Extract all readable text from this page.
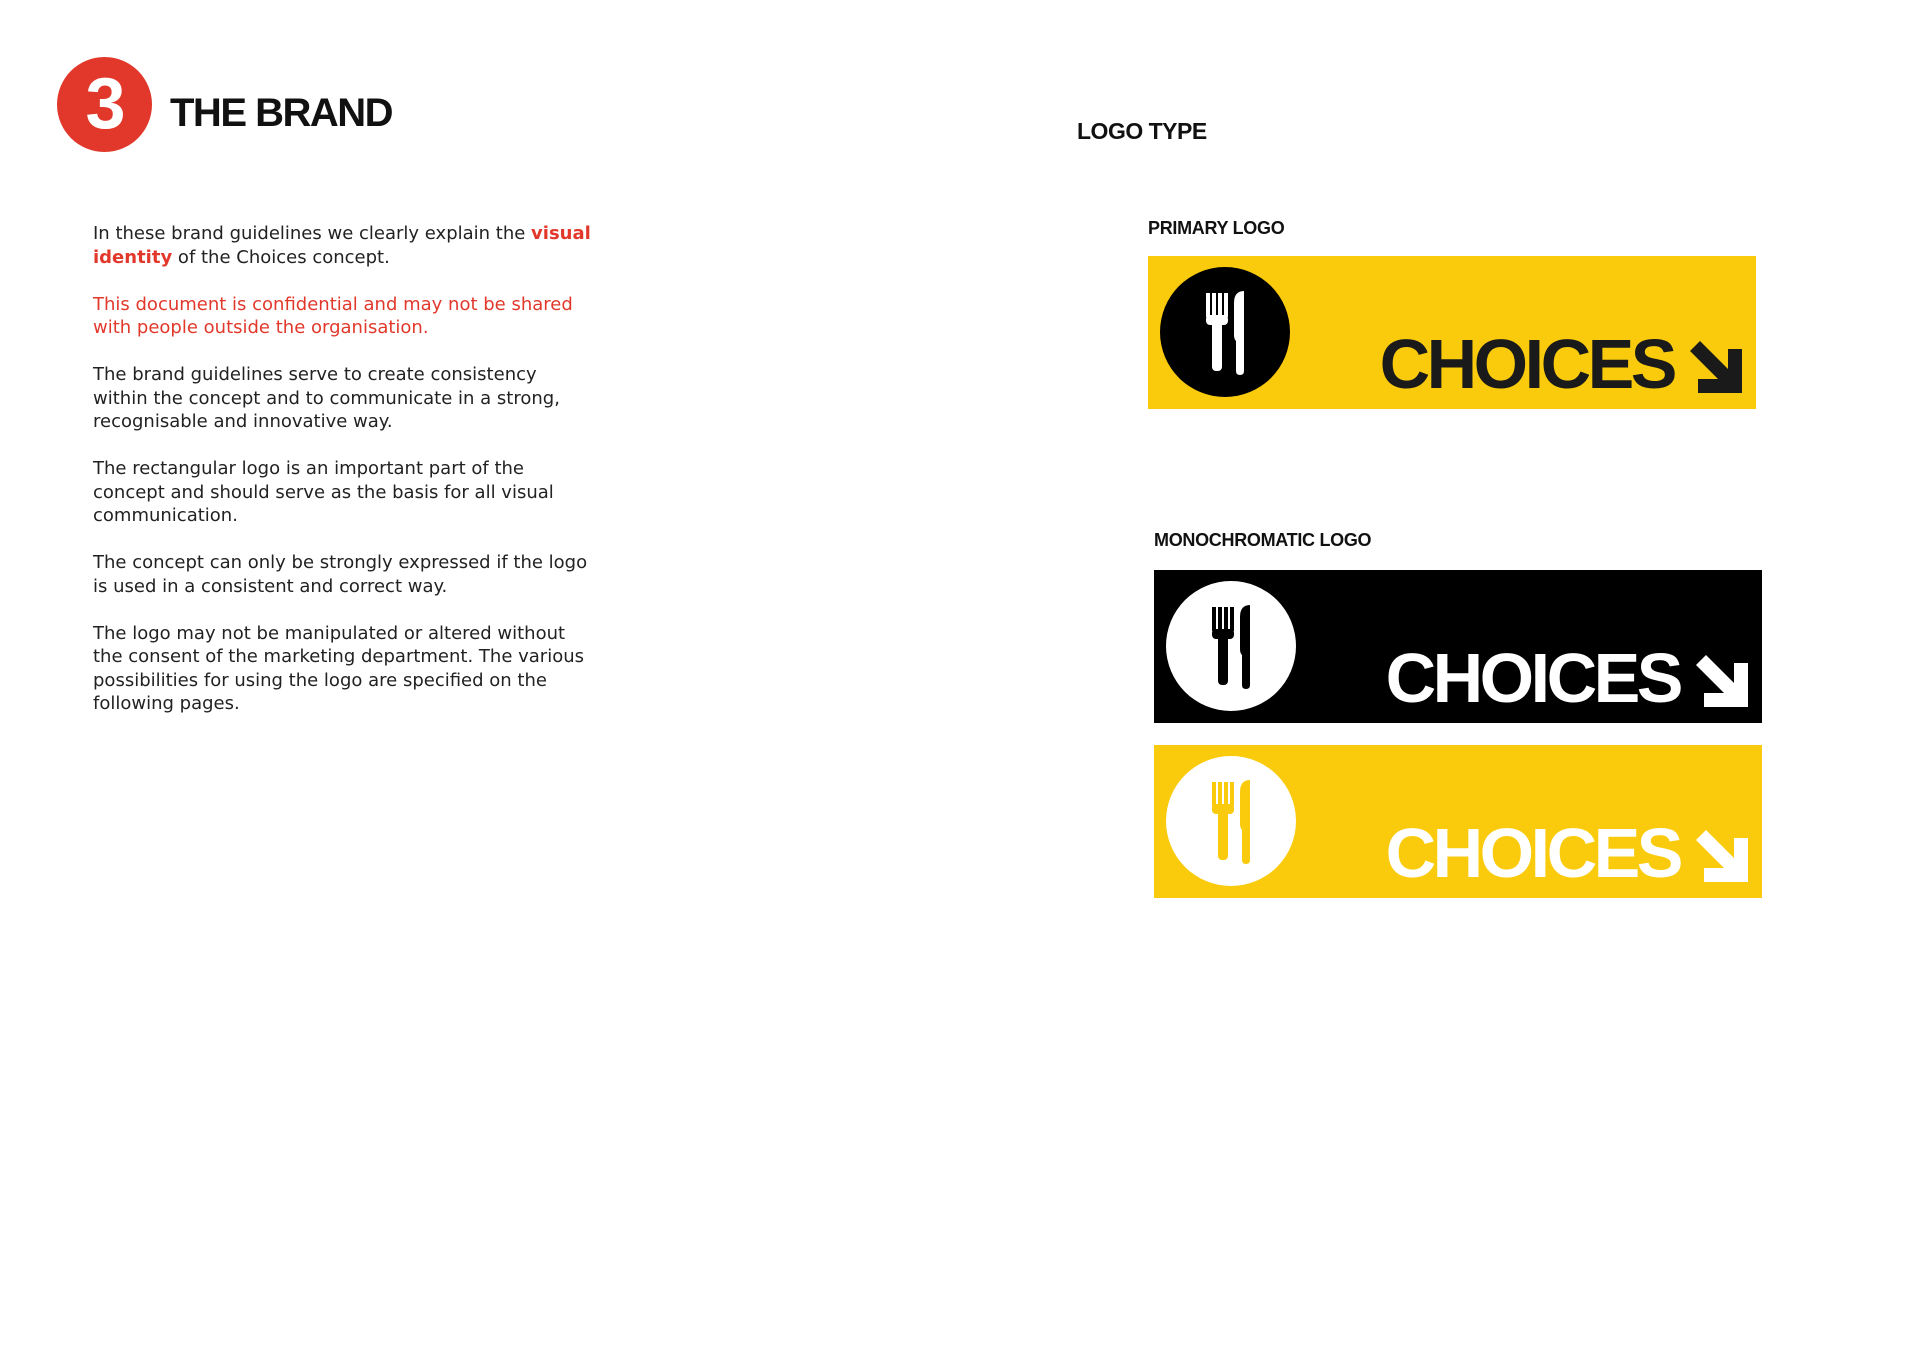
3	THE BRAND

In these brand guidelines we clearly explain the visual identity of the Choices concept.

This document is confidential and may not be shared with people outside the organisation.

The brand guidelines serve to create consistency within the concept and to communicate in a strong, recognisable and innovative way.

The rectangular logo is an important part of the concept and should serve as the basis for all visual communication.

The concept can only be strongly expressed if the logo is used in a consistent and correct way.

The logo may not be manipulated or altered without the consent of the marketing department. The various possibilities for using the logo are specified on the following pages.

LOGO TYPE
PRIMARY LOGO
CHOICES
MONOCHROMATIC LOGO
CHOICES
CHOICES
